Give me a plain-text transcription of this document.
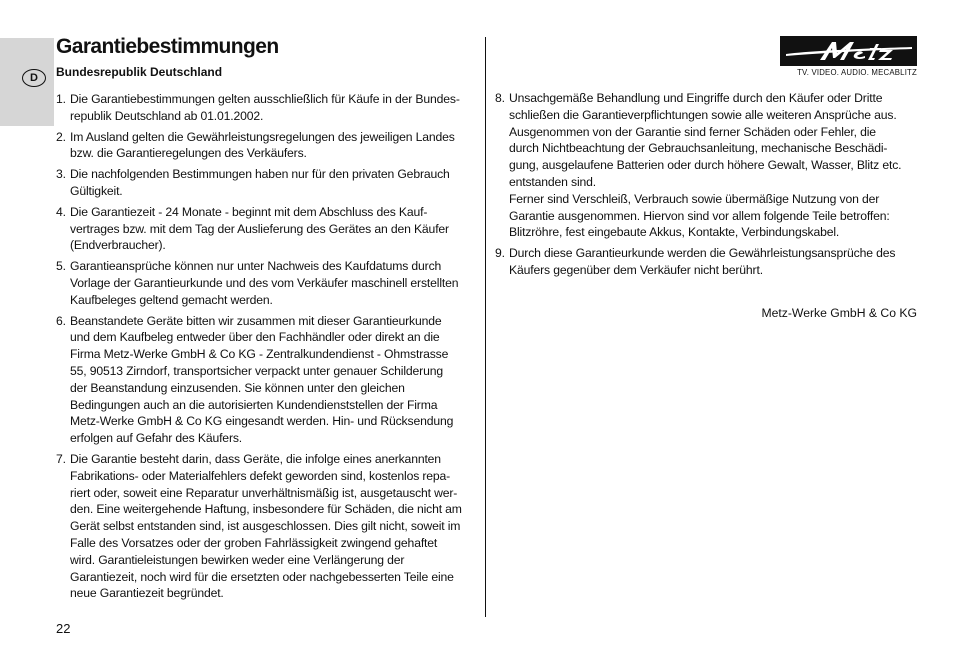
D
Garantiebestimmungen
Bundesrepublik Deutschland
1. Die Garantiebestimmungen gelten ausschließlich für Käufe in der Bundes-
republik Deutschland ab 01.01.2002.
2. Im Ausland gelten die Gewährleistungsregelungen des jeweiligen Landes
bzw. die Garantieregelungen des Verkäufers.
3. Die nachfolgenden Bestimmungen haben nur für den privaten Gebrauch
Gültigkeit.
4. Die Garantiezeit - 24 Monate - beginnt mit dem Abschluss des Kauf-
vertrages bzw. mit dem Tag der Auslieferung des Gerätes an den Käufer
(Endverbraucher).
5. Garantieansprüche können nur unter Nachweis des Kaufdatums durch
Vorlage der Garantieurkunde und des vom Verkäufer maschinell erstellten
Kaufbeleges geltend gemacht werden.
6. Beanstandete Geräte bitten wir zusammen mit dieser Garantieurkunde
und dem Kaufbeleg entweder über den Fachhändler oder direkt an die
Firma Metz-Werke GmbH & Co KG - Zentralkundendienst - Ohmstrasse
55, 90513 Zirndorf, transportsicher verpackt unter genauer Schilderung
der Beanstandung einzusenden. Sie können unter den gleichen
Bedingungen auch an die autorisierten Kundendienststellen der Firma
Metz-Werke GmbH & Co KG eingesandt werden. Hin- und Rücksendung
erfolgen auf Gefahr des Käufers.
7. Die Garantie besteht darin, dass Geräte, die infolge eines anerkannten
Fabrikations- oder Materialfehlers defekt geworden sind, kostenlos repa-
riert oder, soweit eine Reparatur unverhältnismäßig ist, ausgetauscht wer-
den. Eine weitergehende Haftung, insbesondere für Schäden, die nicht am
Gerät selbst entstanden sind, ist ausgeschlossen. Dies gilt nicht, soweit im
Falle des Vorsatzes oder der groben Fahrlässigkeit zwingend gehaftet
wird. Garantieleistungen bewirken weder eine Verlängerung der
Garantiezeit, noch wird für die ersetzten oder nachgebesserten Teile eine
neue Garantiezeit begründet.
TV. VIDEO. AUDIO. MECABLITZ
8. Unsachgemäße Behandlung und Eingriffe durch den Käufer oder Dritte
schließen die Garantieverpflichtungen sowie alle weiteren Ansprüche aus.
Ausgenommen von der Garantie sind ferner Schäden oder Fehler, die
durch Nichtbeachtung der Gebrauchsanleitung, mechanische Beschädi-
gung, ausgelaufene Batterien oder durch höhere Gewalt, Wasser, Blitz etc.
entstanden sind.
Ferner sind Verschleiß, Verbrauch sowie übermäßige Nutzung von der
Garantie ausgenommen. Hiervon sind vor allem folgende Teile betroffen:
Blitzröhre, fest eingebaute Akkus, Kontakte, Verbindungskabel.
9. Durch diese Garantieurkunde werden die Gewährleistungsansprüche des
Käufers gegenüber dem Verkäufer nicht berührt.
Metz-Werke GmbH & Co KG
22
